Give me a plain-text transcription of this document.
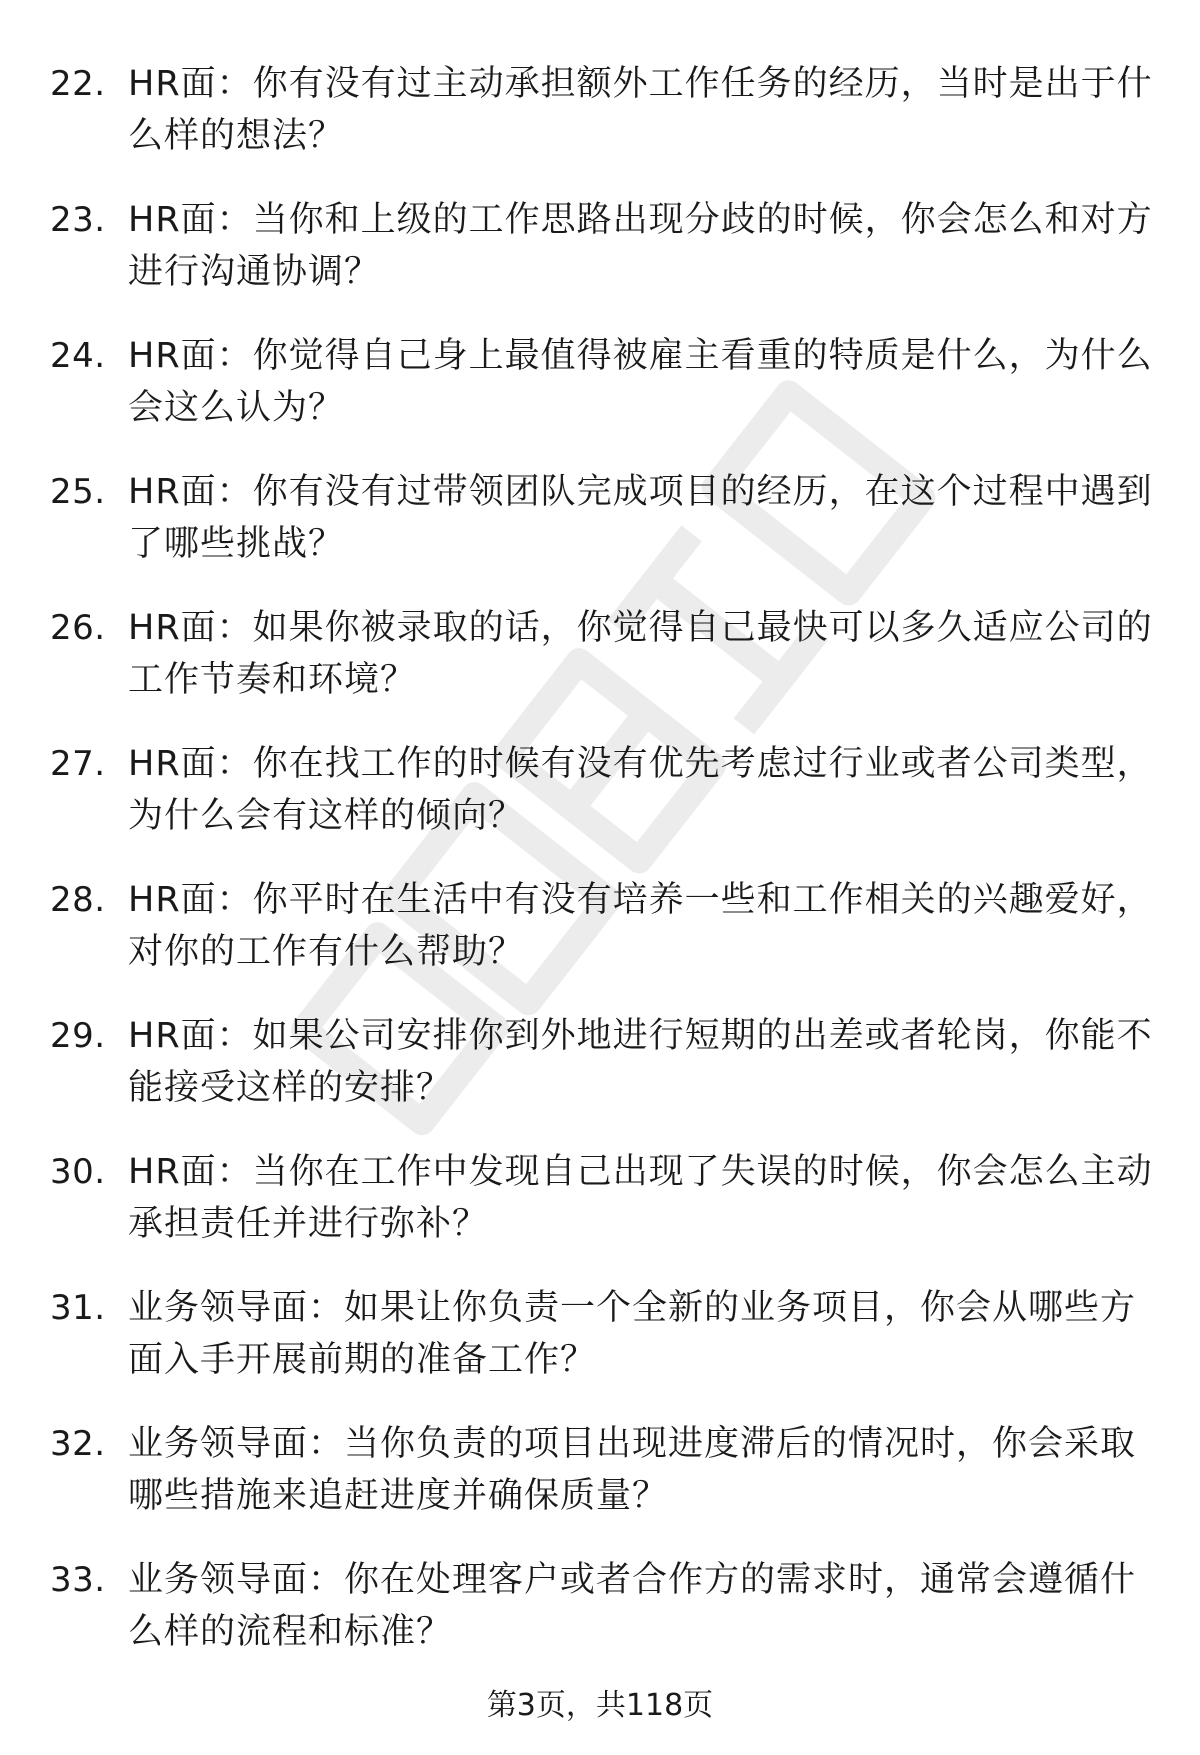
22. HR面：你有没有过主动承担额外工作任务的经历，当时是出于什么样的想法？
23. HR面：当你和上级的工作思路出现分歧的时候，你会怎么和对方进行沟通协调？
24. HR面：你觉得自己身上最值得被雇主看重的特质是什么，为什么会这么认为？
25. HR面：你有没有过带领团队完成项目的经历，在这个过程中遇到了哪些挑战？
26. HR面：如果你被录取的话，你觉得自己最快可以多久适应公司的工作节奏和环境？
27. HR面：你在找工作的时候有没有优先考虑过行业或者公司类型，为什么会有这样的倾向？
28. HR面：你平时在生活中有没有培养一些和工作相关的兴趣爱好，对你的工作有什么帮助？
29. HR面：如果公司安排你到外地进行短期的出差或者轮岗，你能不能接受这样的安排？
30. HR面：当你在工作中发现自己出现了失误的时候，你会怎么主动承担责任并进行弥补？
31. 业务领导面：如果让你负责一个全新的业务项目，你会从哪些方面入手开展前期的准备工作？
32. 业务领导面：当你负责的项目出现进度滞后的情况时，你会采取哪些措施来追赶进度并确保质量？
33. 业务领导面：你在处理客户或者合作方的需求时，通常会遵循什么样的流程和标准？
第3页，共118页
